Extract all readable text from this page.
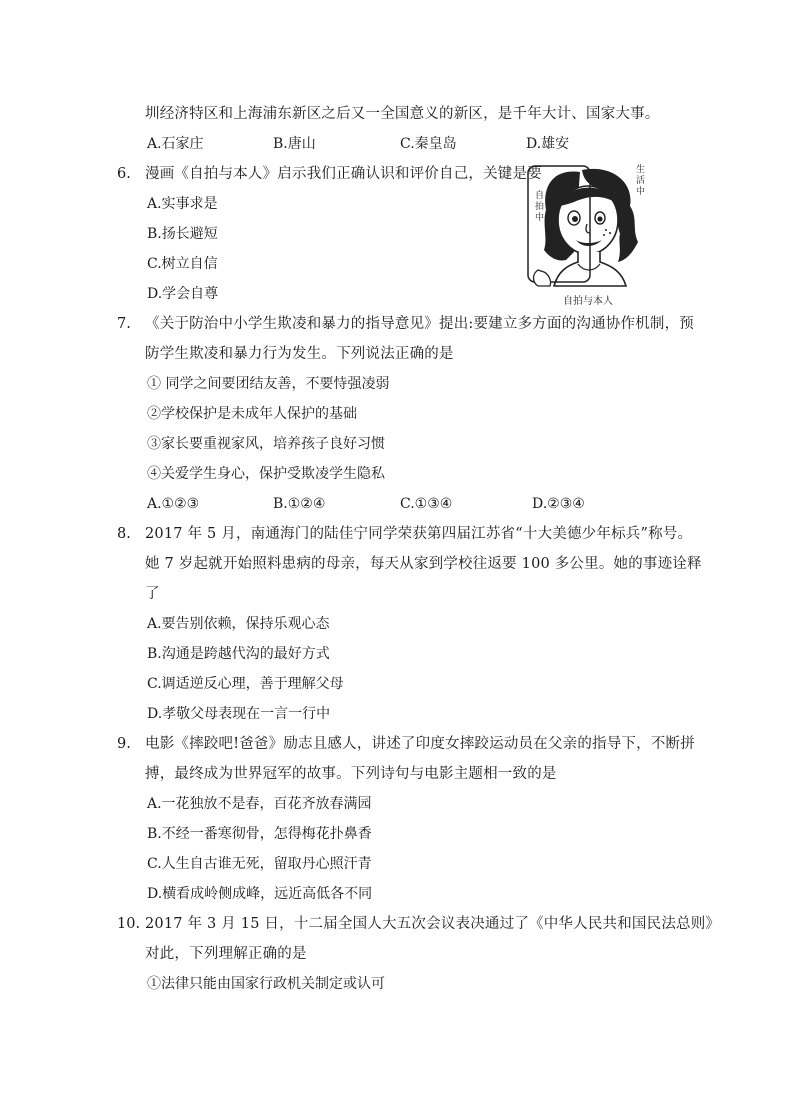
圳经济特区和上海浦东新区之后又一全国意义的新区，是千年大计、国家大事。
A.石家庄	B.唐山	C.秦皇岛	D.雄安
6. 漫画《自拍与本人》启示我们正确认识和评价自己，关键是要
A.实事求是
B.扬长避短
C.树立自信
D.学会自尊
自 拍 中
生 活 中
自拍与本人
7. 《关于防治中小学生欺凌和暴力的指导意见》提出:要建立多方面的沟通协作机制，预
防学生欺凌和暴力行为发生。下列说法正确的是
① 同学之间要团结友善，不要恃强凌弱
②学校保护是未成年人保护的基础
③家长要重视家风，培养孩子良好习惯
④关爱学生身心，保护受欺凌学生隐私
A.①②③	B.①②④	C.①③④	D.②③④
8. 2017 年 5 月，南通海门的陆佳宁同学荣获第四届江苏省“十大美德少年标兵”称号。
她 7 岁起就开始照料患病的母亲，每天从家到学校往返要 100 多公里。她的事迹诠释
了
A.要告别依赖，保持乐观心态
B.沟通是跨越代沟的最好方式
C.调适逆反心理，善于理解父母
D.孝敬父母表现在一言一行中
9. 电影《摔跤吧!爸爸》励志且感人，讲述了印度女摔跤运动员在父亲的指导下，不断拼
搏，最终成为世界冠军的故事。下列诗句与电影主题相一致的是
A.一花独放不是春，百花齐放春满园
B.不经一番寒彻骨，怎得梅花扑鼻香
C.人生自古谁无死，留取丹心照汗青
D.横看成岭侧成峰，远近高低各不同
10. 2017 年 3 月 15 日，十二届全国人大五次会议表决通过了《中华人民共和国民法总则》
对此，下列理解正确的是
①法律只能由国家行政机关制定或认可
